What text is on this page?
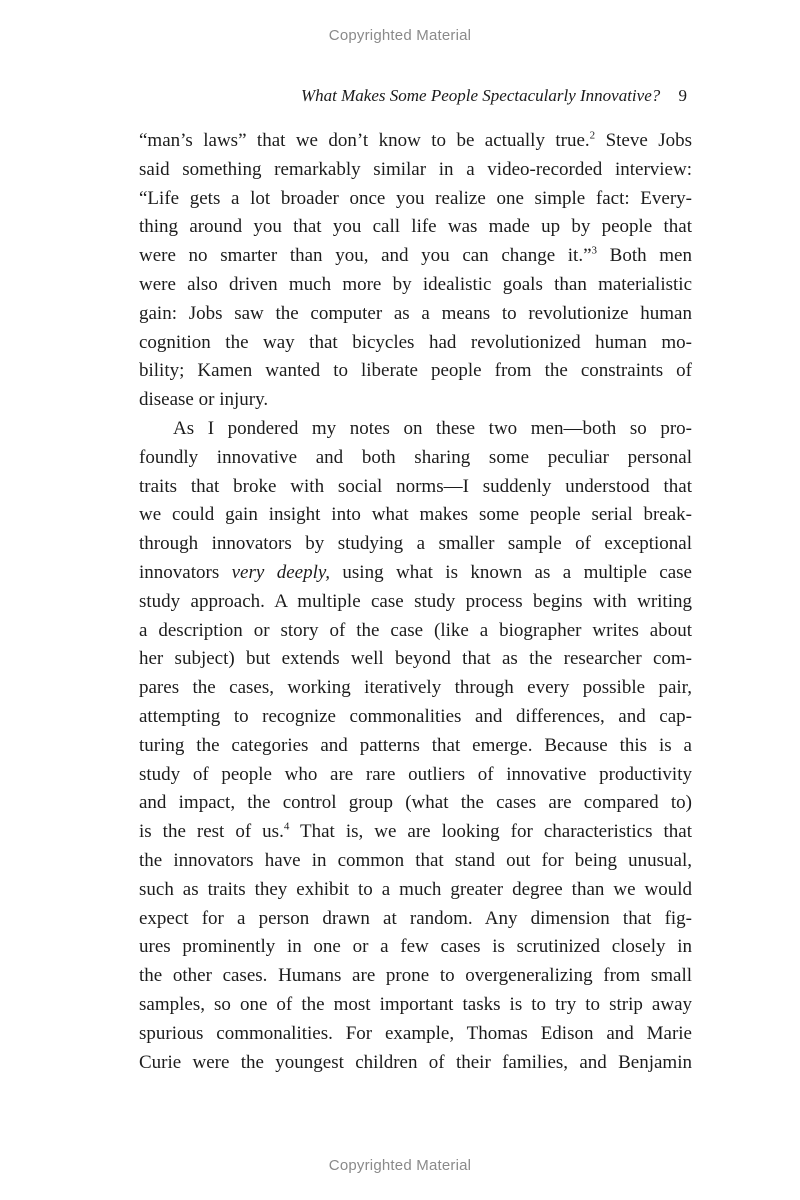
Copyrighted Material
What Makes Some People Spectacularly Innovative? 9
“man’s laws” that we don’t know to be actually true.$^2$ Steve Jobs
said something remarkably similar in a video-recorded interview:
“Life gets a lot broader once you realize one simple fact: Every-
thing around you that you call life was made up by people that
were no smarter than you, and you can change it.”$^3$ Both men
were also driven much more by idealistic goals than materialistic
gain: Jobs saw the computer as a means to revolutionize human
cognition the way that bicycles had revolutionized human mo-
bility; Kamen wanted to liberate people from the constraints of
disease or injury.
As I pondered my notes on these two men—both so pro-
foundly innovative and both sharing some peculiar personal
traits that broke with social norms—I suddenly understood that
we could gain insight into what makes some people serial break-
through innovators by studying a smaller sample of exceptional
innovators very deeply, using what is known as a multiple case
study approach. A multiple case study process begins with writing
a description or story of the case (like a biographer writes about
her subject) but extends well beyond that as the researcher com-
pares the cases, working iteratively through every possible pair,
attempting to recognize commonalities and differences, and cap-
turing the categories and patterns that emerge. Because this is a
study of people who are rare outliers of innovative productivity
and impact, the control group (what the cases are compared to)
is the rest of us.$^4$ That is, we are looking for characteristics that
the innovators have in common that stand out for being unusual,
such as traits they exhibit to a much greater degree than we would
expect for a person drawn at random. Any dimension that fig-
ures prominently in one or a few cases is scrutinized closely in
the other cases. Humans are prone to overgeneralizing from small
samples, so one of the most important tasks is to try to strip away
spurious commonalities. For example, Thomas Edison and Marie
Curie were the youngest children of their families, and Benjamin
Copyrighted Material
